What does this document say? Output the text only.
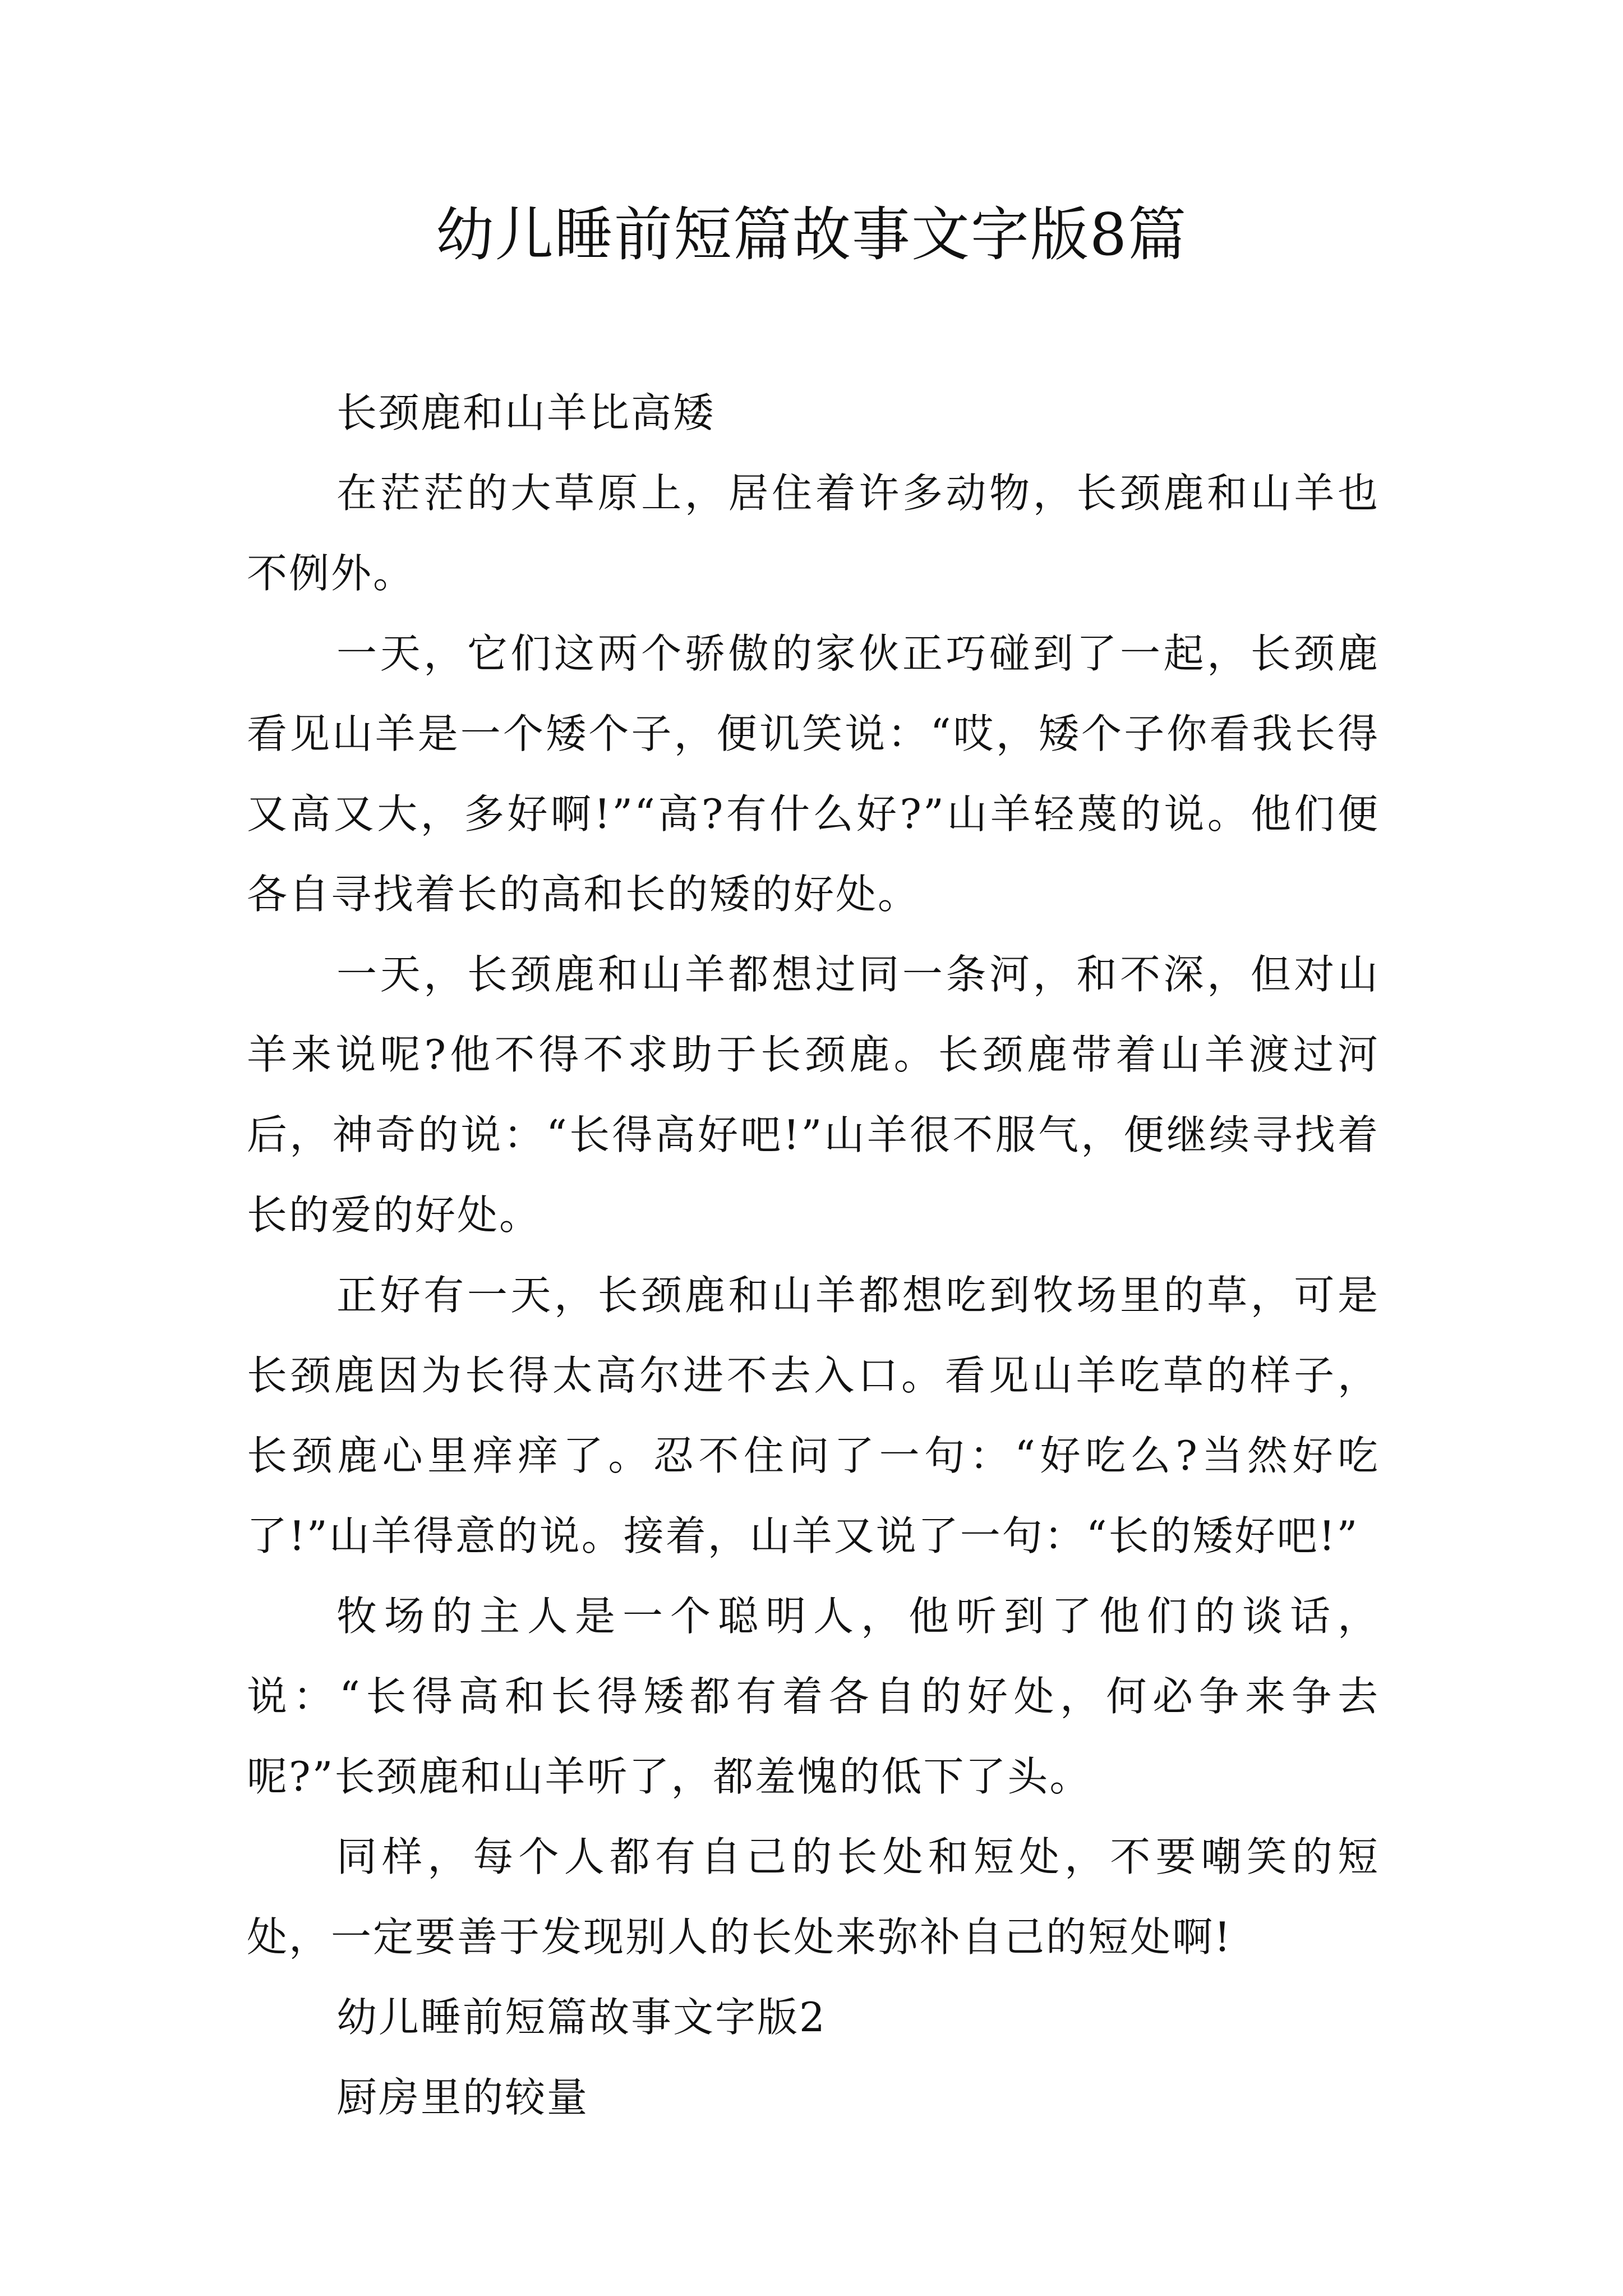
幼儿睡前短篇故事文字版8篇

长颈鹿和山羊比高矮

在茫茫的大草原上，居住着许多动物，长颈鹿和山羊也不例外。

一天，它们这两个骄傲的家伙正巧碰到了一起，长颈鹿看见山羊是一个矮个子，便讥笑说：“哎，矮个子你看我长得又高又大，多好啊!”“高?有什么好?”山羊轻蔑的说。他们便各自寻找着长的高和长的矮的好处。

一天，长颈鹿和山羊都想过同一条河，和不深，但对山羊来说呢?他不得不求助于长颈鹿。长颈鹿带着山羊渡过河后，神奇的说：“长得高好吧!”山羊很不服气，便继续寻找着长的爱的好处。

正好有一天，长颈鹿和山羊都想吃到牧场里的草，可是长颈鹿因为长得太高尔进不去入口。看见山羊吃草的样子，长颈鹿心里痒痒了。忍不住问了一句：“好吃么?当然好吃了!”山羊得意的说。接着，山羊又说了一句：“长的矮好吧!”

牧场的主人是一个聪明人，他听到了他们的谈话，说：“长得高和长得矮都有着各自的好处，何必争来争去呢?”长颈鹿和山羊听了，都羞愧的低下了头。

同样，每个人都有自己的长处和短处，不要嘲笑的短处，一定要善于发现别人的长处来弥补自己的短处啊!

幼儿睡前短篇故事文字版2

厨房里的较量
